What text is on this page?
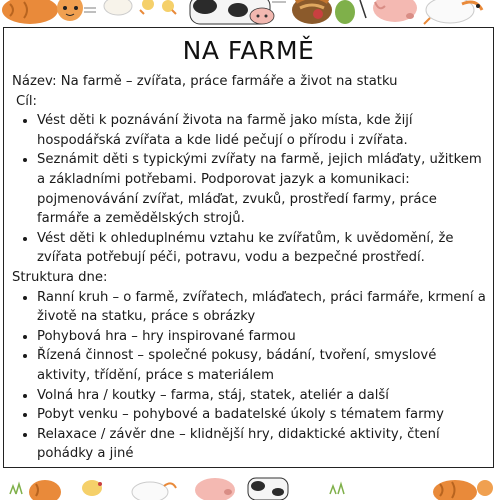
NA FARMĚ

Název: Na farmě – zvířata, práce farmáře a život na statku

Cíl:

• Vést děti k poznávání života na farmě jako místa, kde žijí hospodářská zvířata a kde lidé pečují o přírodu i zvířata.
• Seznámit děti s typickými zvířaty na farmě, jejich mláďaty, užitkem a základními potřebami. Podporovat jazyk a komunikaci: pojmenovávání zvířat, mláďat, zvuků, prostředí farmy, práce farmáře a zemědělských strojů.
• Vést děti k ohleduplnému vztahu ke zvířatům, k uvědomění, že zvířata potřebují péči, potravu, vodu a bezpečné prostředí.

Struktura dne:

• Ranní kruh – o farmě, zvířatech, mláďatech, práci farmáře, krmení a životě na statku, práce s obrázky
• Pohybová hra – hry inspirované farmou
• Řízená činnost – společné pokusy, bádání, tvoření, smyslové aktivity, třídění, práce s materiálem
• Volná hra / koutky – farma, stáj, statek, ateliér a další
• Pobyt venku – pohybové a badatelské úkoly s tématem farmy
• Relaxace / závěr dne – klidnější hry, didaktické aktivity, čtení pohádky a jiné
